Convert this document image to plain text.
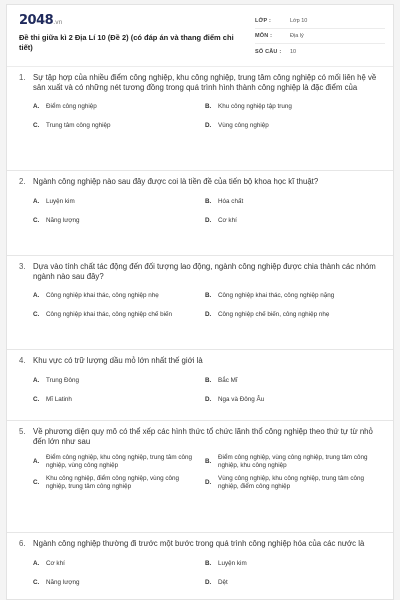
2048.vn
Đề thi giữa kì 2 Địa Lí 10 (Đề 2) (có đáp án và thang điểm chi tiết)
LỚP :	Lớp 10
MÔN :	Địa lý
SỐ CÂU :	10
1. Sự tập hợp của nhiều điểm công nghiệp, khu công nghiệp, trung tâm công nghiệp có mối liên hệ về sản xuất và có những nét tương đồng trong quá trình hình thành công nghiệp là đặc điểm của
A.	Điểm công nghiệp	B.	Khu công nghiệp tập trung
C.	Trung tâm công nghiệp	D.	Vùng công nghiệp
2. Ngành công nghiệp nào sau đây được coi là tiền đề của tiến bộ khoa học kĩ thuật?
A.	Luyện kim	B.	Hóa chất
C.	Năng lượng	D.	Cơ khí
3. Dựa vào tính chất tác động đến đối tượng lao động, ngành công nghiệp được chia thành các nhóm ngành nào sau đây?
A.	Công nghiệp khai thác, công nghiệp nhẹ	B.	Công nghiệp khai thác, công nghiệp nặng
C.	Công nghiệp khai thác, công nghiệp chế biến	D.	Công nghiệp chế biến, công nghiệp nhẹ
4. Khu vực có trữ lượng dầu mỏ lớn nhất thế giới là
A.	Trung Đông	B.	Bắc Mĩ
C.	Mĩ Latinh	D.	Nga và Đông Âu
5. Về phương diện quy mô có thể xếp các hình thức tổ chức lãnh thổ công nghiệp theo thứ tự từ nhỏ đến lớn như sau
A.
Điểm công nghiệp, khu công nghiệp, trung tâm công nghiệp, vùng công nghiệp
B.
Điểm công nghiệp, vùng công nghiệp, trung tâm công nghiệp, khu công nghiệp
C.
Khu công nghiệp, điểm công nghiệp, vùng công nghiệp, trung tâm công nghiệp
D.
Vùng công nghiệp, khu công nghiệp, trung tâm công nghiệp, điểm công nghiệp
6. Ngành công nghiệp thường đi trước một bước trong quá trình công nghiệp hóa của các nước là
A.	Cơ khí	B.	Luyện kim
C.	Năng lượng	D.	Dệt
